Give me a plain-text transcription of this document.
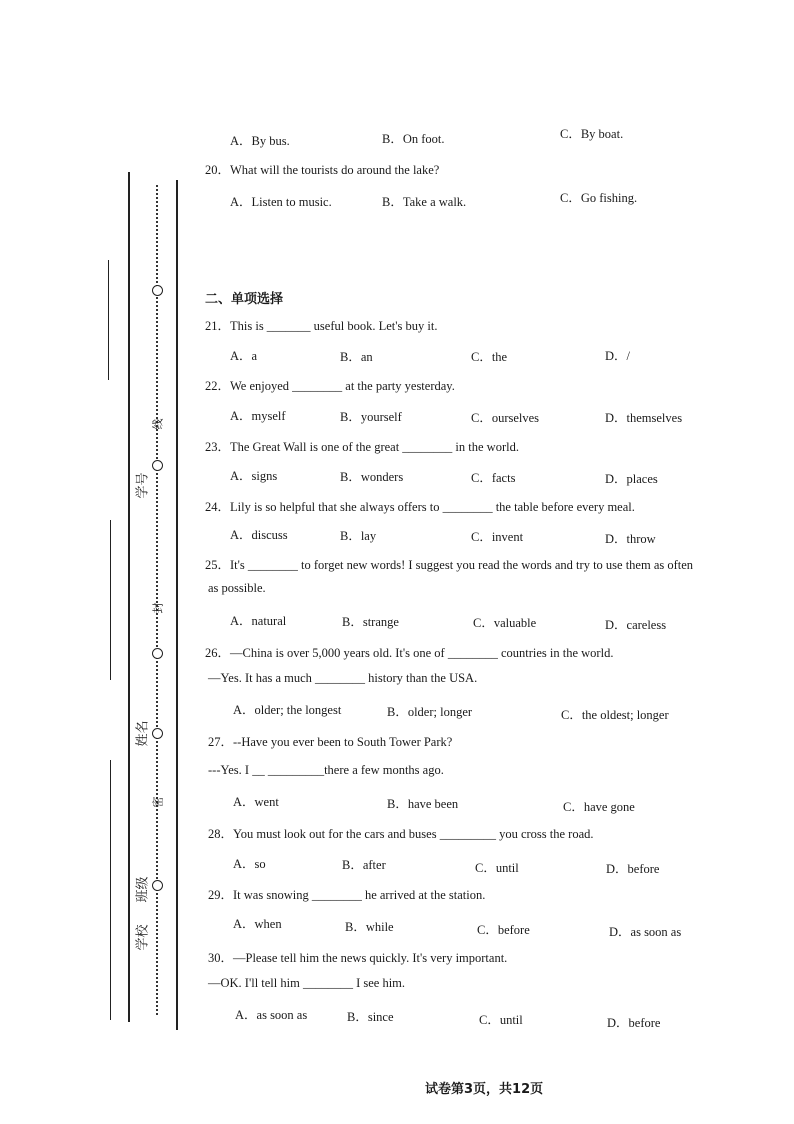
学号
线
封
姓名
密
班级
学校
A．By bus.	B．On foot.	C．By boat.
20．What will the tourists do around the lake?
A．Listen to music.	B．Take a walk.	C．Go fishing.
二、单项选择
21．This is _______ useful book. Let's buy it.
A．a	B．an	C．the	D．/
22．We enjoyed ________ at the party yesterday.
A．myself	B．yourself	C．ourselves	D．themselves
23．The Great Wall is one of the great ________ in the world.
A．signs	B．wonders	C．facts	D．places
24．Lily is so helpful that she always offers to ________ the table before every meal.
A．discuss	B．lay	C．invent	D．throw
25．It's ________ to forget new words! I suggest you read the words and try to use them as often
as possible.
A．natural	B．strange	C．valuable	D．careless
26．—China is over 5,000 years old. It's one of ________ countries in the world.
—Yes. It has a much ________ history than the USA.
A．older; the longest	B．older; longer	C．the oldest; longer
27．--Have you ever been to South Tower Park?
---Yes. I __ _________there a few months ago.
A．went	B．have been	C．have gone
28．You must look out for the cars and buses _________ you cross the road.
A．so	B．after	C．until	D．before
29．It was snowing ________ he arrived at the station.
A．when	B．while	C．before	D．as soon as
30．—Please tell him the news quickly. It's very important.
—OK. I'll tell him ________ I see him.
A．as soon as	B．since	C．until	D．before
试卷第3页，共12页
